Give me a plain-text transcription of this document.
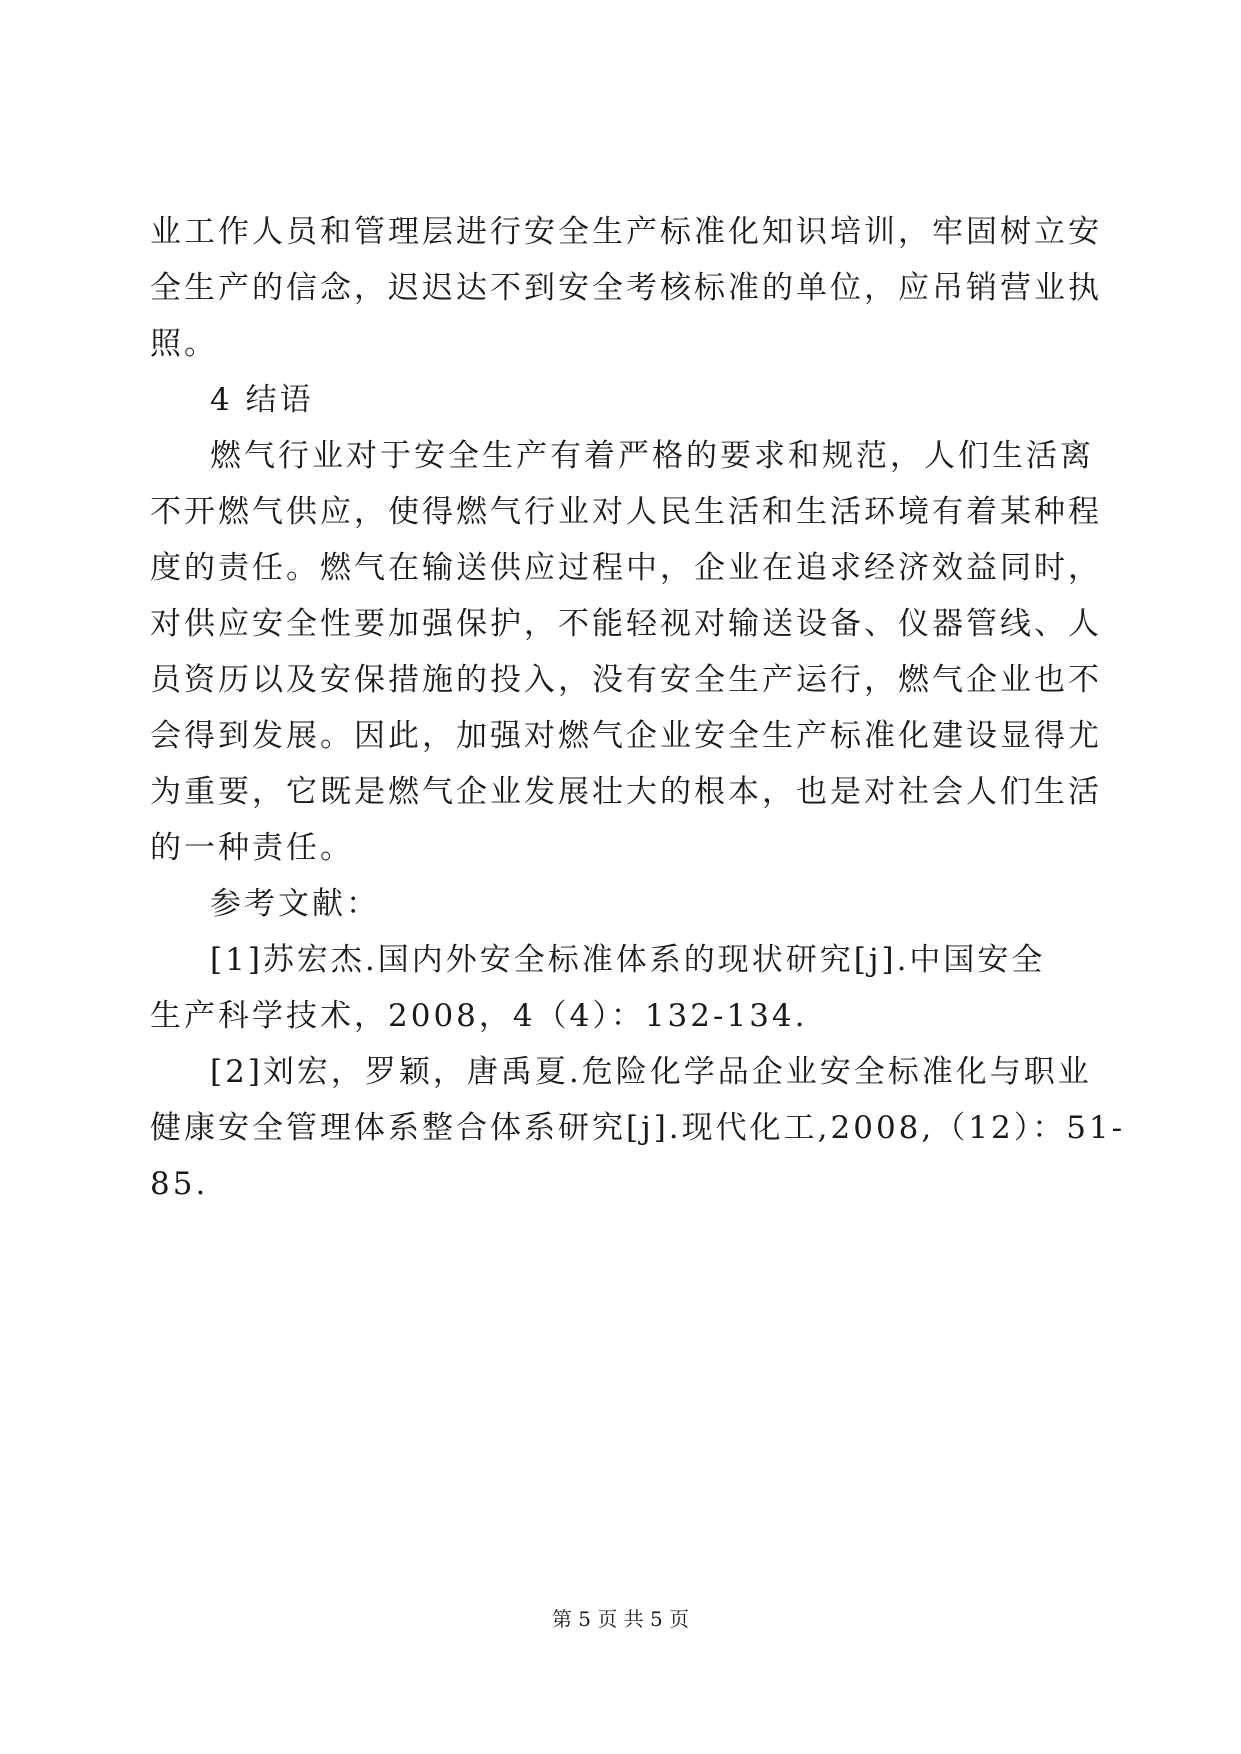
业工作人员和管理层进行安全生产标准化知识培训，牢固树立安
全生产的信念，迟迟达不到安全考核标准的单位，应吊销营业执
照。
4 结语
燃气行业对于安全生产有着严格的要求和规范，人们生活离
不开燃气供应，使得燃气行业对人民生活和生活环境有着某种程
度的责任。燃气在输送供应过程中，企业在追求经济效益同时，
对供应安全性要加强保护，不能轻视对输送设备、仪器管线、人
员资历以及安保措施的投入，没有安全生产运行，燃气企业也不
会得到发展。因此，加强对燃气企业安全生产标准化建设显得尤
为重要，它既是燃气企业发展壮大的根本，也是对社会人们生活
的一种责任。
参考文献：
[1]苏宏杰.国内外安全标准体系的现状研究[j].中国安全
生产科学技术，2008，4（4）：132-134.
[2]刘宏，罗颖，唐禹夏.危险化学品企业安全标准化与职业
健康安全管理体系整合体系研究[j].现代化工,2008,（12）：51-
85.
第 5 页 共 5 页
